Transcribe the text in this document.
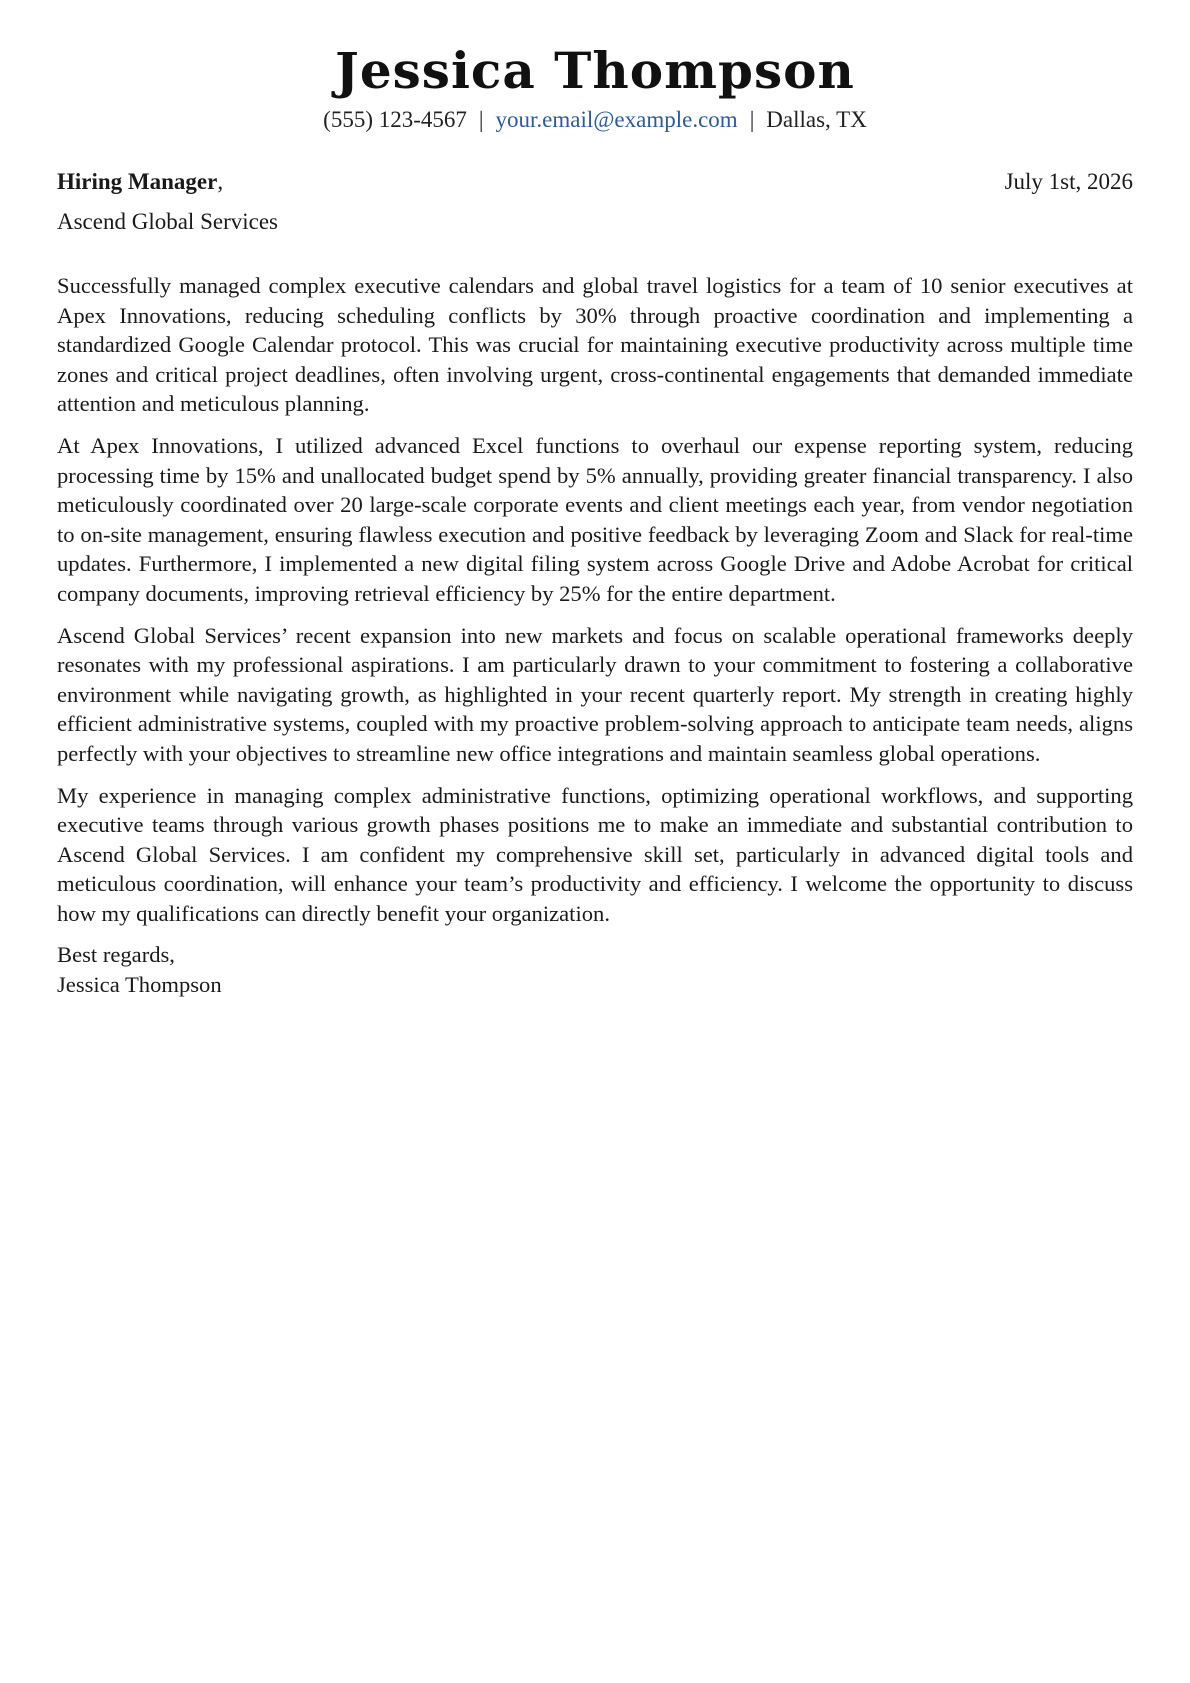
Jessica Thompson
(555) 123-4567 | your.email@example.com | Dallas, TX
Hiring Manager,	July 1st, 2026
Ascend Global Services

Successfully managed complex executive calendars and global travel logistics for a team of 10 senior executives at Apex Innovations, reducing scheduling conflicts by 30% through proactive coordination and implementing a standardized Google Calendar protocol. This was crucial for maintaining executive productivity across multiple time zones and critical project deadlines, often involving urgent, cross-continental engagements that demanded immediate attention and meticulous planning.

At Apex Innovations, I utilized advanced Excel functions to overhaul our expense reporting system, reducing processing time by 15% and unallocated budget spend by 5% annually, providing greater financial transparency. I also meticulously coordinated over 20 large-scale corporate events and client meetings each year, from vendor negotiation to on-site management, ensuring flawless execution and positive feedback by leveraging Zoom and Slack for real-time updates. Furthermore, I implemented a new digital filing system across Google Drive and Adobe Acrobat for critical company documents, improving retrieval efficiency by 25% for the entire department.

Ascend Global Services’ recent expansion into new markets and focus on scalable operational frameworks deeply resonates with my professional aspirations. I am particularly drawn to your commitment to fostering a collaborative environment while navigating growth, as highlighted in your recent quarterly report. My strength in creating highly efficient administrative systems, coupled with my proactive problem-solving approach to anticipate team needs, aligns perfectly with your objectives to streamline new office integrations and maintain seamless global operations.

My experience in managing complex administrative functions, optimizing operational workflows, and supporting executive teams through various growth phases positions me to make an immediate and substantial contribution to Ascend Global Services. I am confident my comprehensive skill set, particularly in advanced digital tools and meticulous coordination, will enhance your team’s productivity and efficiency. I welcome the opportunity to discuss how my qualifications can directly benefit your organization.

Best regards,
Jessica Thompson
